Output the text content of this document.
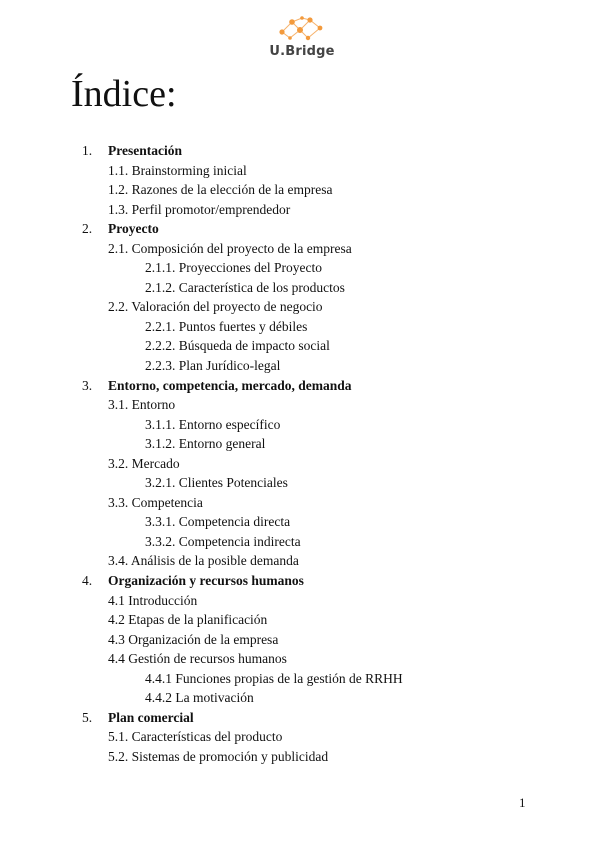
U.Bridge
Índice:
1. Presentación
1.1. Brainstorming inicial
1.2. Razones de la elección de la empresa
1.3. Perfil promotor/emprendedor
2. Proyecto
2.1. Composición del proyecto de la empresa
2.1.1. Proyecciones del Proyecto
2.1.2. Característica de los productos
2.2. Valoración del proyecto de negocio
2.2.1. Puntos fuertes y débiles
2.2.2. Búsqueda de impacto social
2.2.3. Plan Jurídico-legal
3. Entorno, competencia, mercado, demanda
3.1. Entorno
3.1.1. Entorno específico
3.1.2. Entorno general
3.2. Mercado
3.2.1. Clientes Potenciales
3.3. Competencia
3.3.1. Competencia directa
3.3.2. Competencia indirecta
3.4. Análisis de la posible demanda
4. Organización y recursos humanos
4.1 Introducción
4.2 Etapas de la planificación
4.3 Organización de la empresa
4.4 Gestión de recursos humanos
4.4.1 Funciones propias de la gestión de RRHH
4.4.2 La motivación
5. Plan comercial
5.1. Características del producto
5.2. Sistemas de promoción y publicidad
1
